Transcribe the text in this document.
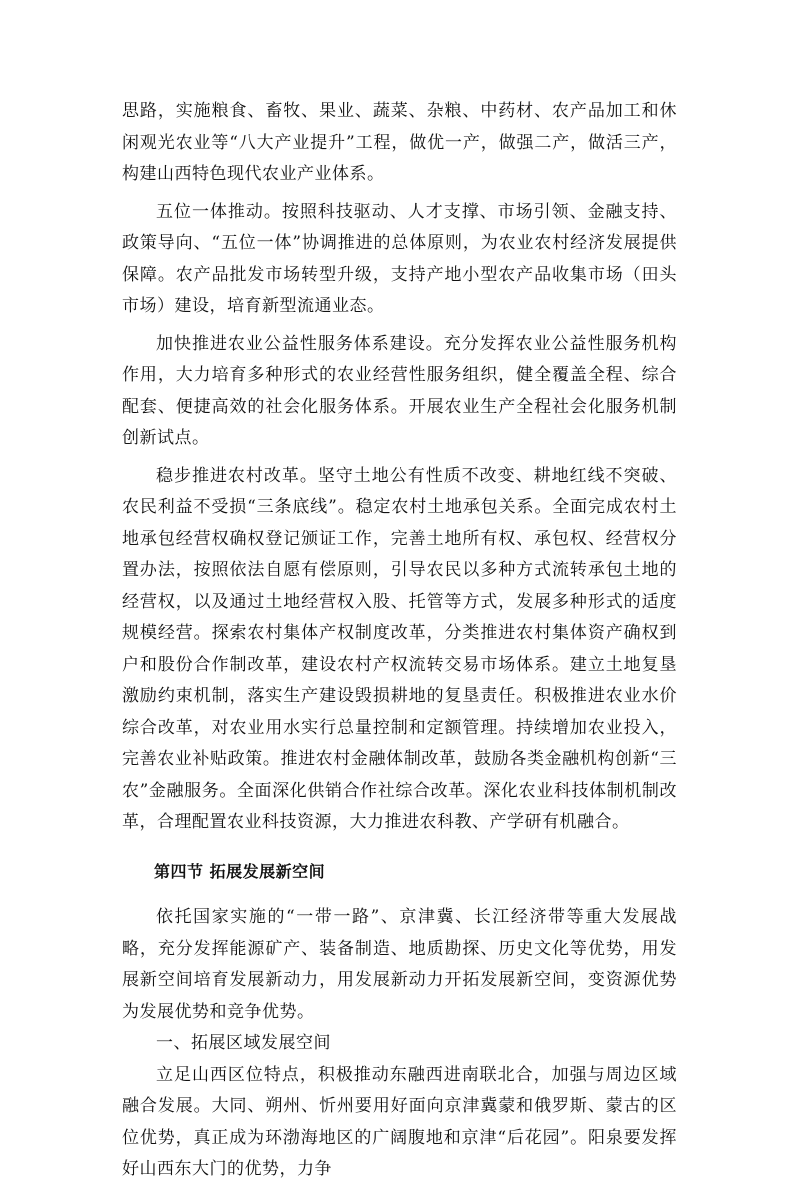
思路，实施粮食、畜牧、果业、蔬菜、杂粮、中药材、农产品加工和休闲观光农业等“八大产业提升”工程，做优一产，做强二产，做活三产，构建山西特色现代农业产业体系。

五位一体推动。按照科技驱动、人才支撑、市场引领、金融支持、政策导向、“五位一体”协调推进的总体原则，为农业农村经济发展提供保障。农产品批发市场转型升级，支持产地小型农产品收集市场（田头市场）建设，培育新型流通业态。

加快推进农业公益性服务体系建设。充分发挥农业公益性服务机构作用，大力培育多种形式的农业经营性服务组织，健全覆盖全程、综合配套、便捷高效的社会化服务体系。开展农业生产全程社会化服务机制创新试点。

稳步推进农村改革。坚守土地公有性质不改变、耕地红线不突破、农民利益不受损“三条底线”。稳定农村土地承包关系。全面完成农村土地承包经营权确权登记颁证工作，完善土地所有权、承包权、经营权分置办法，按照依法自愿有偿原则，引导农民以多种方式流转承包土地的经营权，以及通过土地经营权入股、托管等方式，发展多种形式的适度规模经营。探索农村集体产权制度改革，分类推进农村集体资产确权到户和股份合作制改革，建设农村产权流转交易市场体系。建立土地复垦激励约束机制，落实生产建设毁损耕地的复垦责任。积极推进农业水价综合改革，对农业用水实行总量控制和定额管理。持续增加农业投入，完善农业补贴政策。推进农村金融体制改革，鼓励各类金融机构创新“三农”金融服务。全面深化供销合作社综合改革。深化农业科技体制机制改革，合理配置农业科技资源，大力推进农科教、产学研有机融合。

第四节 拓展发展新空间

依托国家实施的“一带一路”、京津冀、长江经济带等重大发展战略，充分发挥能源矿产、装备制造、地质勘探、历史文化等优势，用发展新空间培育发展新动力，用发展新动力开拓发展新空间，变资源优势为发展优势和竞争优势。

一、拓展区域发展空间

立足山西区位特点，积极推动东融西进南联北合，加强与周边区域融合发展。大同、朔州、忻州要用好面向京津冀蒙和俄罗斯、蒙古的区位优势，真正成为环渤海地区的广阔腹地和京津“后花园”。阳泉要发挥好山西东大门的优势，力争
